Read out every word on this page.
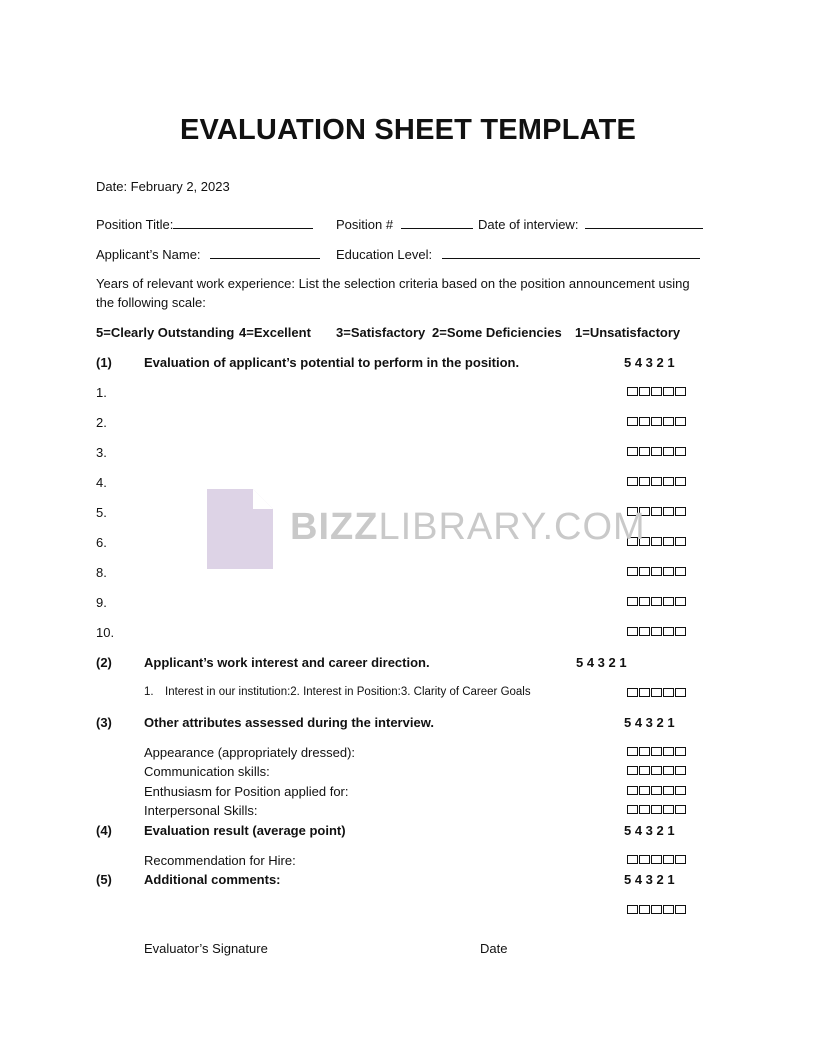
EVALUATION SHEET TEMPLATE
Date: February 2, 2023
Position Title:	Position #	Date of interview:
Applicant’s Name:	Education Level:
Years of relevant work experience: List the selection criteria based on the position announcement using
the following scale:
5=Clearly Outstanding 4=Excellent 3=Satisfactory 2=Some Deficiencies 1=Unsatisfactory
(1) Evaluation of applicant’s potential to perform in the position.	5 4 3 2 1
1.
2.
3.
4.
5.
6.
8.
9.
10.
(2) Applicant’s work interest and career direction.	5 4 3 2 1
1. Interest in our institution:2. Interest in Position:3. Clarity of Career Goals
(3) Other attributes assessed during the interview.	5 4 3 2 1
Appearance (appropriately dressed):
Communication skills:
Enthusiasm for Position applied for:
Interpersonal Skills:
(4) Evaluation result (average point)	5 4 3 2 1
Recommendation for Hire:
(5) Additional comments:	5 4 3 2 1
Evaluator’s Signature	Date
BIZZLIBRARY.COM
